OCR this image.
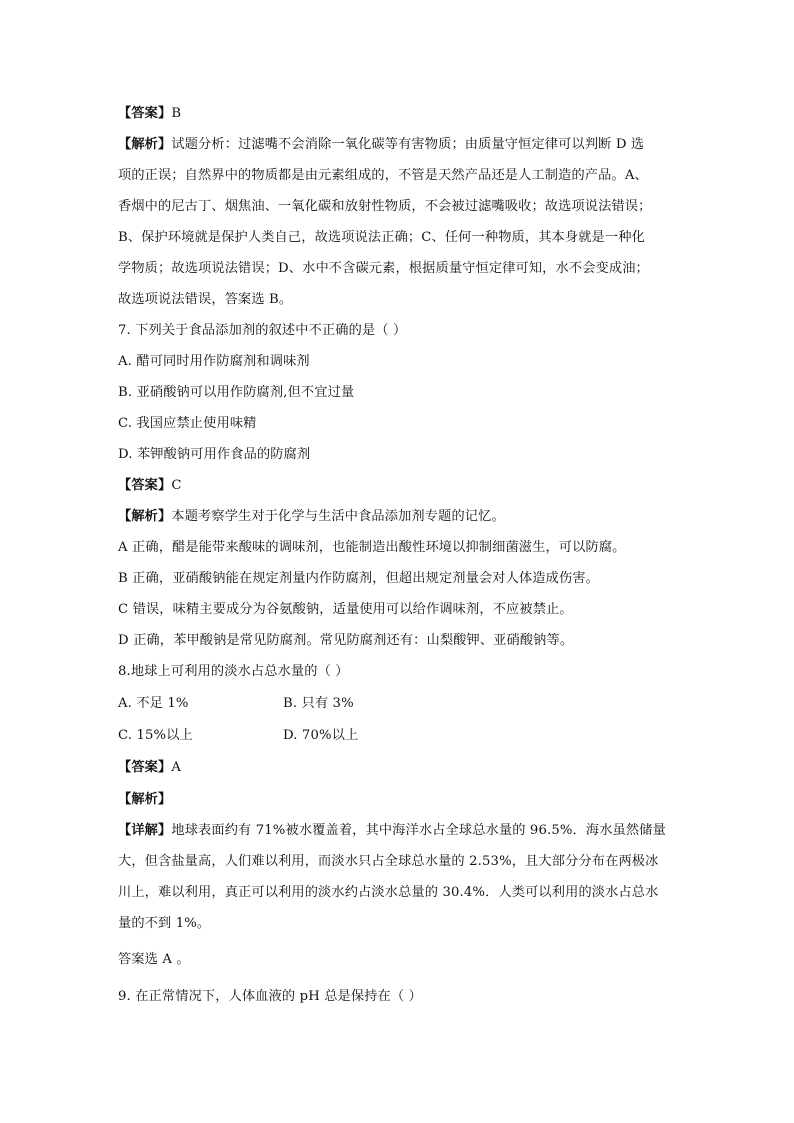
【答案】B
【解析】试题分析：过滤嘴不会消除一氧化碳等有害物质；由质量守恒定律可以判断 D 选
项的正误；自然界中的物质都是由元素组成的，不管是天然产品还是人工制造的产品。A、
香烟中的尼古丁、烟焦油、一氧化碳和放射性物质，不会被过滤嘴吸收；故选项说法错误；
B、保护环境就是保护人类自己，故选项说法正确；C、任何一种物质，其本身就是一种化
学物质；故选项说法错误；D、水中不含碳元素，根据质量守恒定律可知，水不会变成油；
故选项说法错误，答案选 B。
7. 下列关于食品添加剂的叙述中不正确的是（ ）
A. 醋可同时用作防腐剂和调味剂
B. 亚硝酸钠可以用作防腐剂,但不宜过量
C. 我国应禁止使用味精
D. 苯钾酸钠可用作食品的防腐剂
【答案】C
【解析】本题考察学生对于化学与生活中食品添加剂专题的记忆。
A 正确，醋是能带来酸味的调味剂，也能制造出酸性环境以抑制细菌滋生，可以防腐。
B 正确，亚硝酸钠能在规定剂量内作防腐剂，但超出规定剂量会对人体造成伤害。
C 错误，味精主要成分为谷氨酸钠，适量使用可以给作调味剂，不应被禁止。
D 正确，苯甲酸钠是常见防腐剂。常见防腐剂还有：山梨酸钾、亚硝酸钠等。
8.地球上可利用的淡水占总水量的（ ）
A. 不足 1%	B. 只有 3%
C. 15%以上	D. 70%以上
【答案】A
【解析】
【详解】地球表面约有 71%被水覆盖着，其中海洋水占全球总水量的 96.5%．海水虽然储量
大，但含盐量高，人们难以利用，而淡水只占全球总水量的 2.53%，且大部分分布在两极冰
川上，难以利用，真正可以利用的淡水约占淡水总量的 30.4%．人类可以利用的淡水占总水
量的不到 1%。
答案选 A 。
9. 在正常情况下，人体血液的 pH 总是保持在（ ）
